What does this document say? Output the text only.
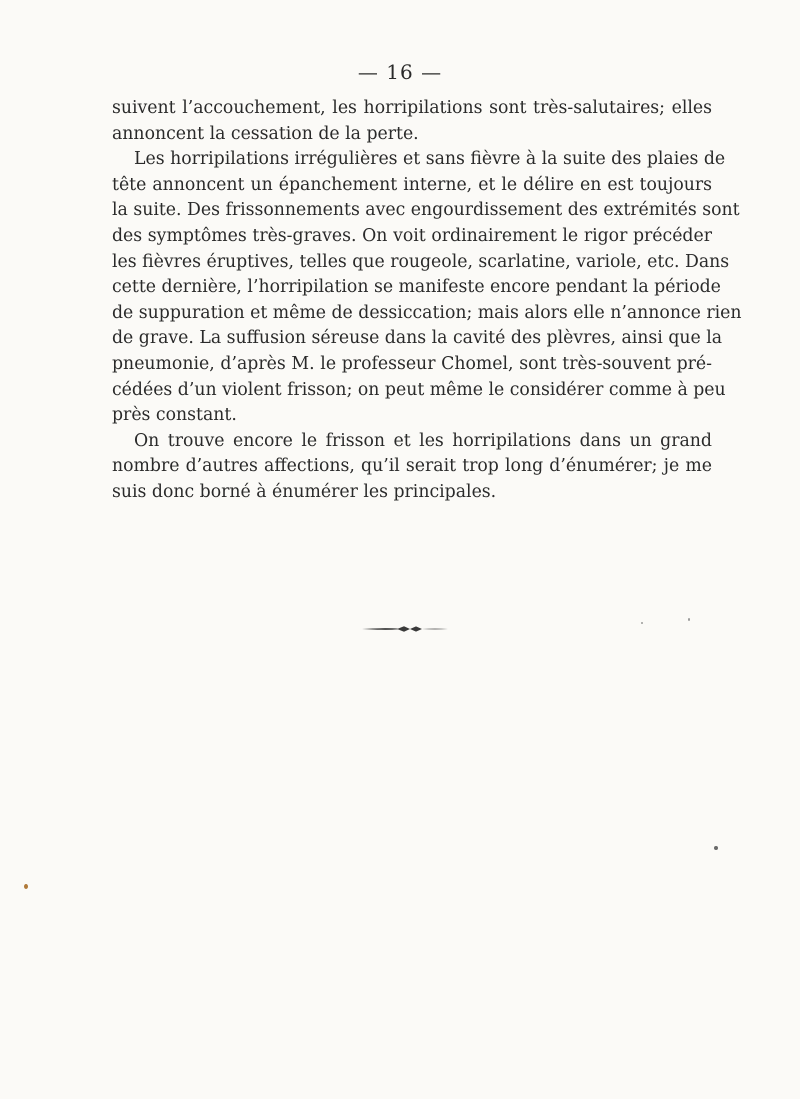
— 16 —
suivent l’accouchement, les horripilations sont très-salutaires; elles
annoncent la cessation de la perte.
Les horripilations irrégulières et sans fièvre à la suite des plaies de
tête annoncent un épanchement interne, et le délire en est toujours
la suite. Des frissonnements avec engourdissement des extrémités sont
des symptômes très-graves. On voit ordinairement le rigor précéder
les fièvres éruptives, telles que rougeole, scarlatine, variole, etc. Dans
cette dernière, l’horripilation se manifeste encore pendant la période
de suppuration et même de dessiccation; mais alors elle n’annonce rien
de grave. La suffusion séreuse dans la cavité des plèvres, ainsi que la
pneumonie, d’après M. le professeur Chomel, sont très-souvent pré-
cédées d’un violent frisson; on peut même le considérer comme à peu
près constant.
On trouve encore le frisson et les horripilations dans un grand
nombre d’autres affections, qu’il serait trop long d’énumérer; je me
suis donc borné à énumérer les principales.
